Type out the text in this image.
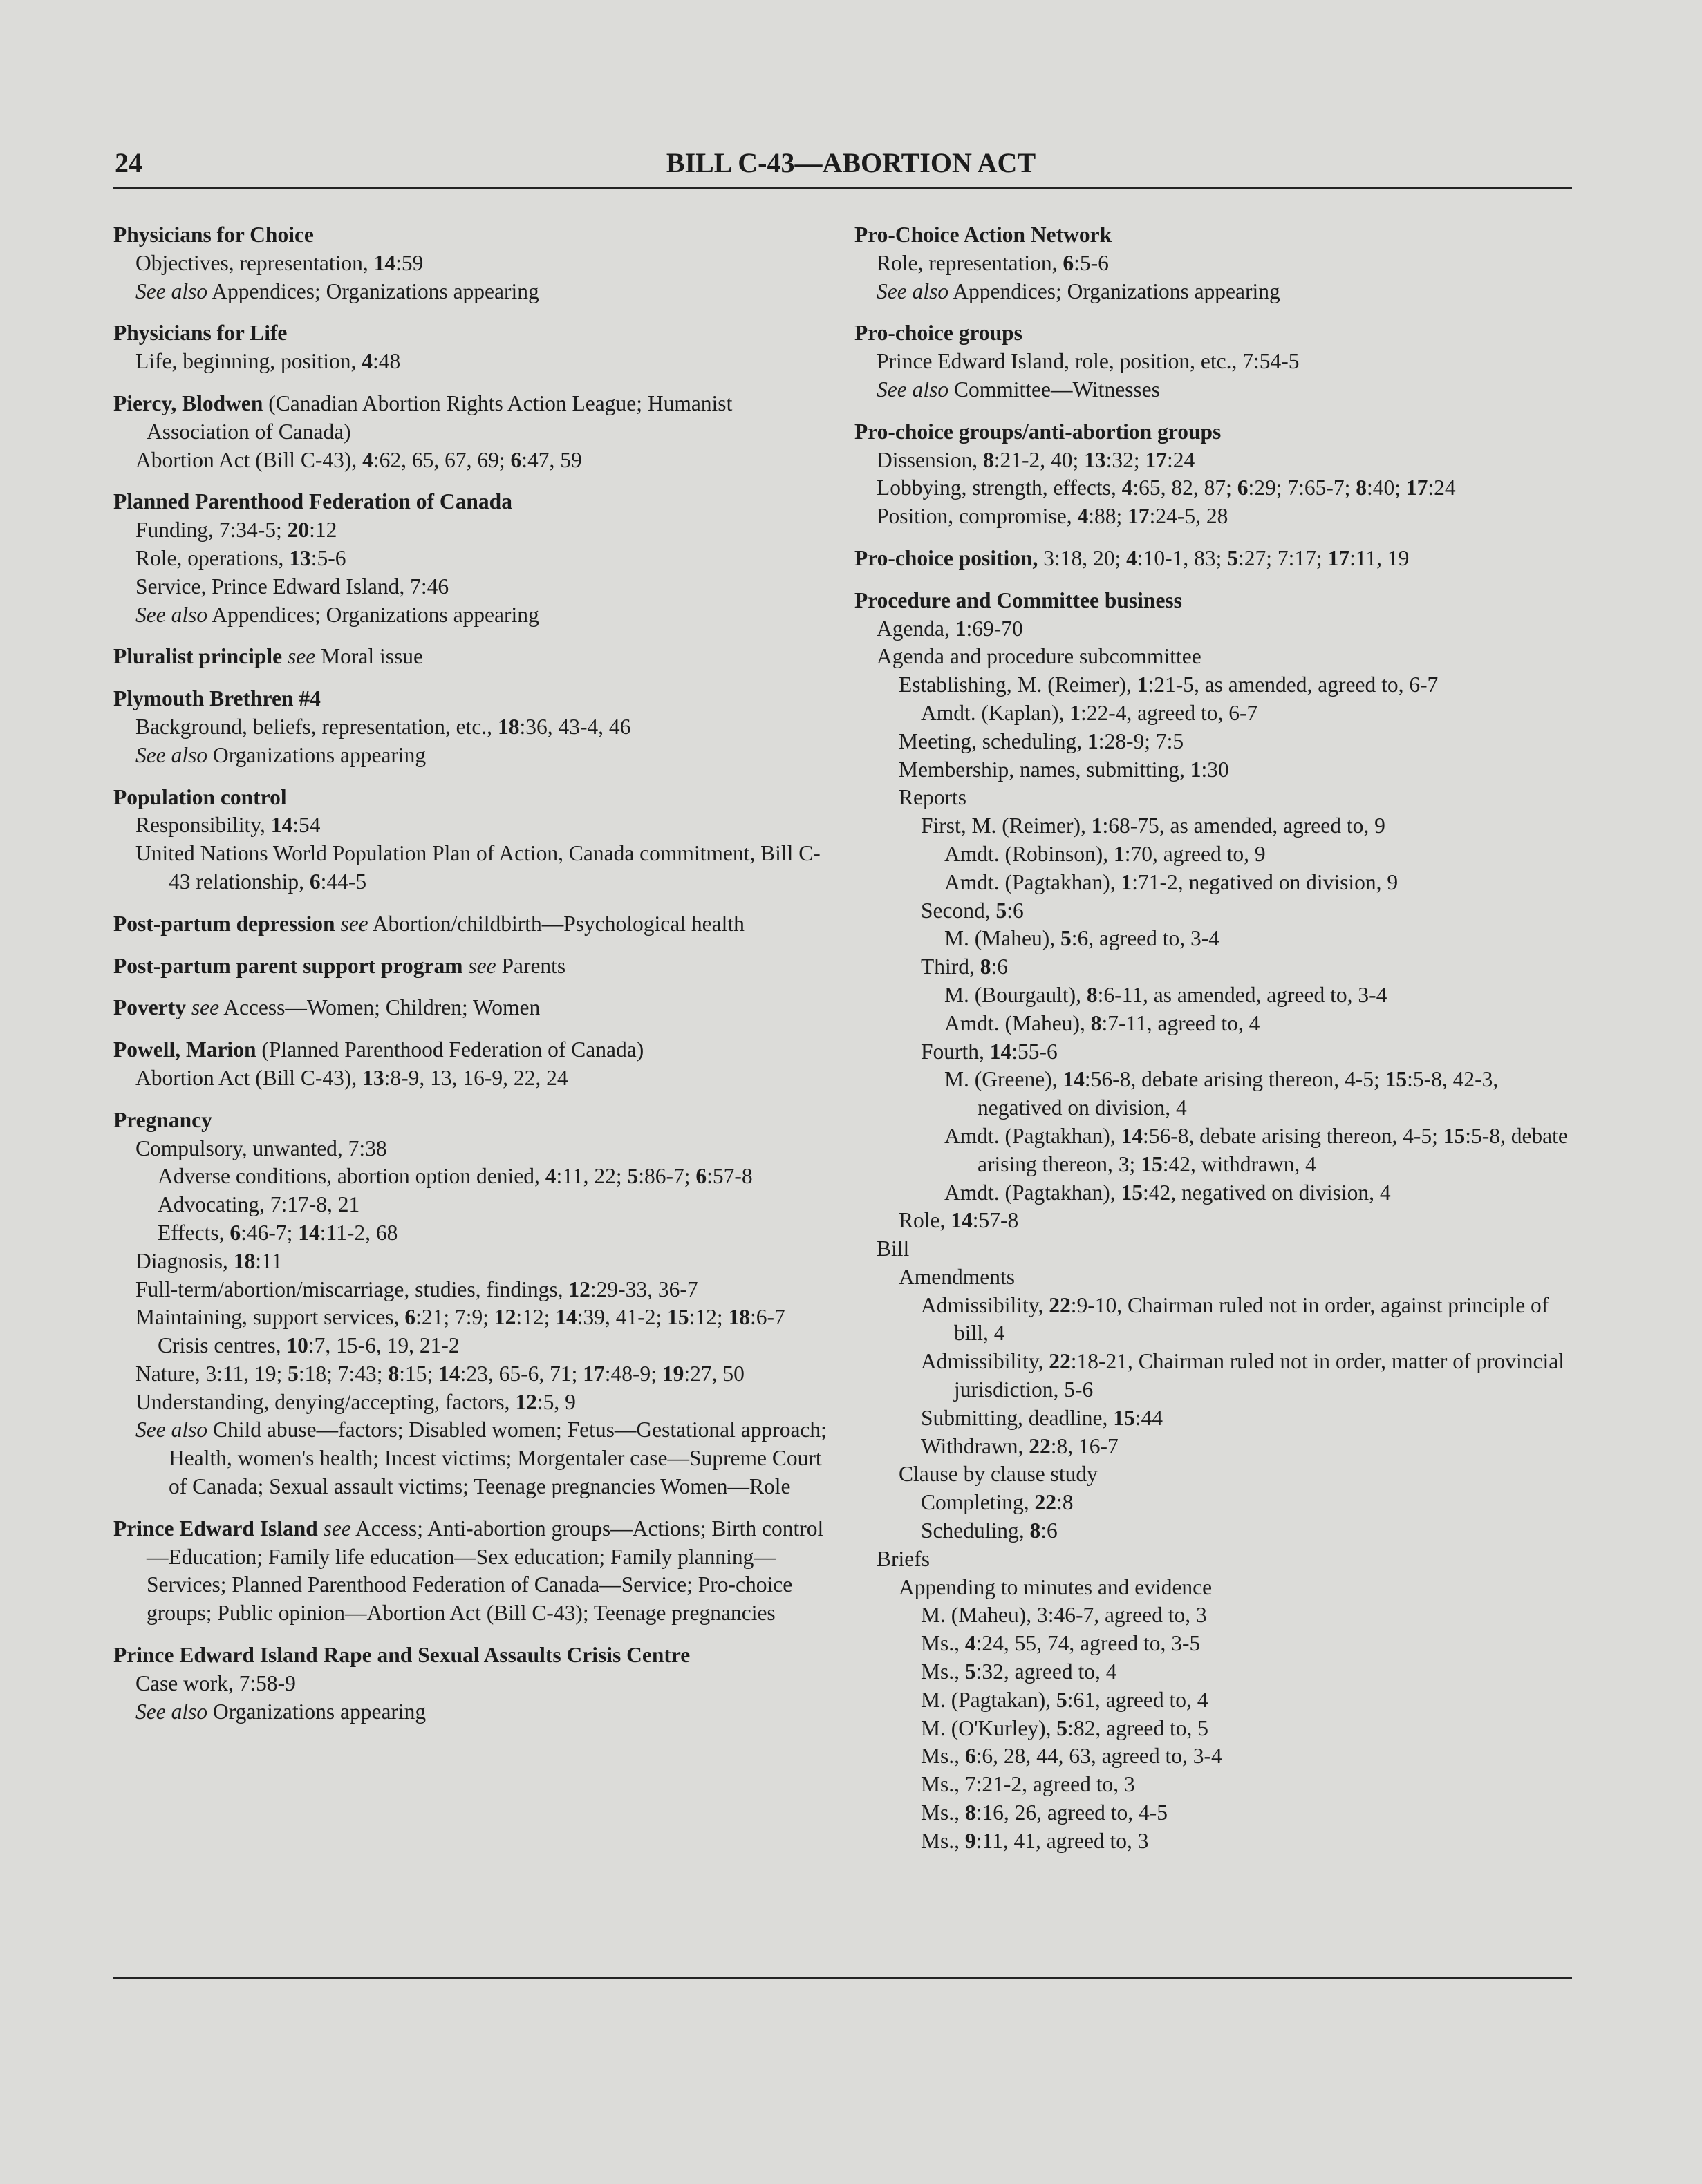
24	BILL C-43—ABORTION ACT
Physicians for Choice
Objectives, representation, 14:59
See also Appendices; Organizations appearing
Physicians for Life
Life, beginning, position, 4:48
Piercy, Blodwen (Canadian Abortion Rights Action League; Humanist Association of Canada)
Abortion Act (Bill C-43), 4:62, 65, 67, 69; 6:47, 59
Planned Parenthood Federation of Canada
Funding, 7:34-5; 20:12
Role, operations, 13:5-6
Service, Prince Edward Island, 7:46
See also Appendices; Organizations appearing
Pluralist principle see Moral issue
Plymouth Brethren #4
Background, beliefs, representation, etc., 18:36, 43-4, 46
See also Organizations appearing
Population control
Responsibility, 14:54
United Nations World Population Plan of Action, Canada commitment, Bill C-43 relationship, 6:44-5
Post-partum depression see Abortion/childbirth—Psychological health
Post-partum parent support program see Parents
Poverty see Access—Women; Children; Women
Powell, Marion (Planned Parenthood Federation of Canada)
Abortion Act (Bill C-43), 13:8-9, 13, 16-9, 22, 24
Pregnancy
Compulsory, unwanted, 7:38
Adverse conditions, abortion option denied, 4:11, 22; 5:86-7; 6:57-8
Advocating, 7:17-8, 21
Effects, 6:46-7; 14:11-2, 68
Diagnosis, 18:11
Full-term/abortion/miscarriage, studies, findings, 12:29-33, 36-7
Maintaining, support services, 6:21; 7:9; 12:12; 14:39, 41-2; 15:12; 18:6-7
Crisis centres, 10:7, 15-6, 19, 21-2
Nature, 3:11, 19; 5:18; 7:43; 8:15; 14:23, 65-6, 71; 17:48-9; 19:27, 50
Understanding, denying/accepting, factors, 12:5, 9
See also Child abuse—factors; Disabled women; Fetus—Gestational approach; Health, women's health; Incest victims; Morgentaler case—Supreme Court of Canada; Sexual assault victims; Teenage pregnancies Women—Role
Prince Edward Island see Access; Anti-abortion groups—Actions; Birth control—Education; Family life education—Sex education; Family planning—Services; Planned Parenthood Federation of Canada—Service; Pro-choice groups; Public opinion—Abortion Act (Bill C-43); Teenage pregnancies
Prince Edward Island Rape and Sexual Assaults Crisis Centre
Case work, 7:58-9
See also Organizations appearing
Pro-Choice Action Network
Role, representation, 6:5-6
See also Appendices; Organizations appearing
Pro-choice groups
Prince Edward Island, role, position, etc., 7:54-5
See also Committee—Witnesses
Pro-choice groups/anti-abortion groups
Dissension, 8:21-2, 40; 13:32; 17:24
Lobbying, strength, effects, 4:65, 82, 87; 6:29; 7:65-7; 8:40; 17:24
Position, compromise, 4:88; 17:24-5, 28
Pro-choice position, 3:18, 20; 4:10-1, 83; 5:27; 7:17; 17:11, 19
Procedure and Committee business
Agenda, 1:69-70
Agenda and procedure subcommittee
Establishing, M. (Reimer), 1:21-5, as amended, agreed to, 6-7
Amdt. (Kaplan), 1:22-4, agreed to, 6-7
Meeting, scheduling, 1:28-9; 7:5
Membership, names, submitting, 1:30
Reports
First, M. (Reimer), 1:68-75, as amended, agreed to, 9
Amdt. (Robinson), 1:70, agreed to, 9
Amdt. (Pagtakhan), 1:71-2, negatived on division, 9
Second, 5:6
M. (Maheu), 5:6, agreed to, 3-4
Third, 8:6
M. (Bourgault), 8:6-11, as amended, agreed to, 3-4
Amdt. (Maheu), 8:7-11, agreed to, 4
Fourth, 14:55-6
M. (Greene), 14:56-8, debate arising thereon, 4-5; 15:5-8, 42-3, negatived on division, 4
Amdt. (Pagtakhan), 14:56-8, debate arising thereon, 4-5; 15:5-8, debate arising thereon, 3; 15:42, withdrawn, 4
Amdt. (Pagtakhan), 15:42, negatived on division, 4
Role, 14:57-8
Bill
Amendments
Admissibility, 22:9-10, Chairman ruled not in order, against principle of bill, 4
Admissibility, 22:18-21, Chairman ruled not in order, matter of provincial jurisdiction, 5-6
Submitting, deadline, 15:44
Withdrawn, 22:8, 16-7
Clause by clause study
Completing, 22:8
Scheduling, 8:6
Briefs
Appending to minutes and evidence
M. (Maheu), 3:46-7, agreed to, 3
Ms., 4:24, 55, 74, agreed to, 3-5
Ms., 5:32, agreed to, 4
M. (Pagtakan), 5:61, agreed to, 4
M. (O'Kurley), 5:82, agreed to, 5
Ms., 6:6, 28, 44, 63, agreed to, 3-4
Ms., 7:21-2, agreed to, 3
Ms., 8:16, 26, agreed to, 4-5
Ms., 9:11, 41, agreed to, 3
